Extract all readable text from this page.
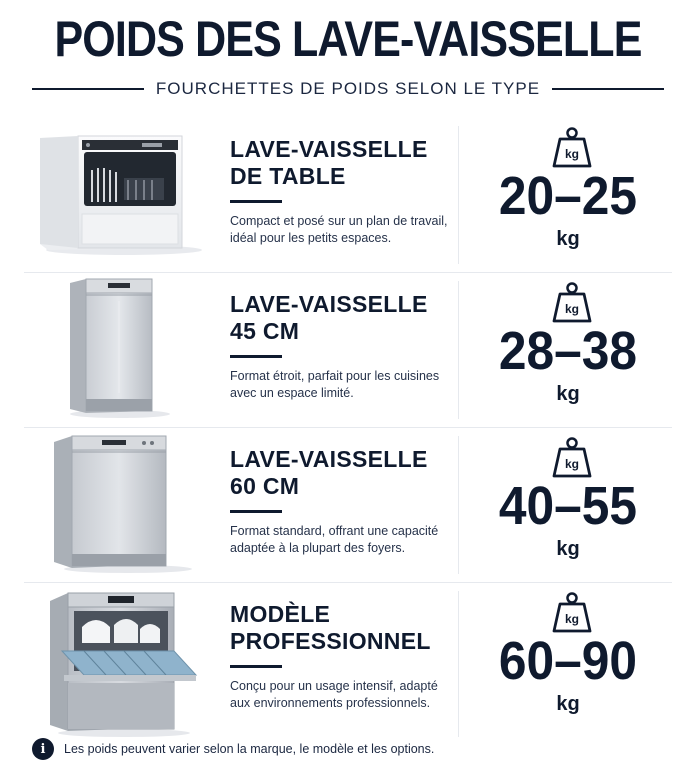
POIDS DES LAVE-VAISSELLE
FOURCHETTES DE POIDS SELON LE TYPE
LAVE-VAISSELLE
DE TABLE
Compact et posé sur un plan de travail, idéal pour les petits espaces.
kg
20–25
kg
LAVE-VAISSELLE
45 CM
Format étroit, parfait pour les cuisines avec un espace limité.
kg
28–38
kg
LAVE-VAISSELLE
60 CM
Format standard, offrant une capacité adaptée à la plupart des foyers.
kg
40–55
kg
MODÈLE
PROFESSIONNEL
Conçu pour un usage intensif, adapté aux environnements professionnels.
kg
60–90
kg
i	Les poids peuvent varier selon la marque, le modèle et les options.
